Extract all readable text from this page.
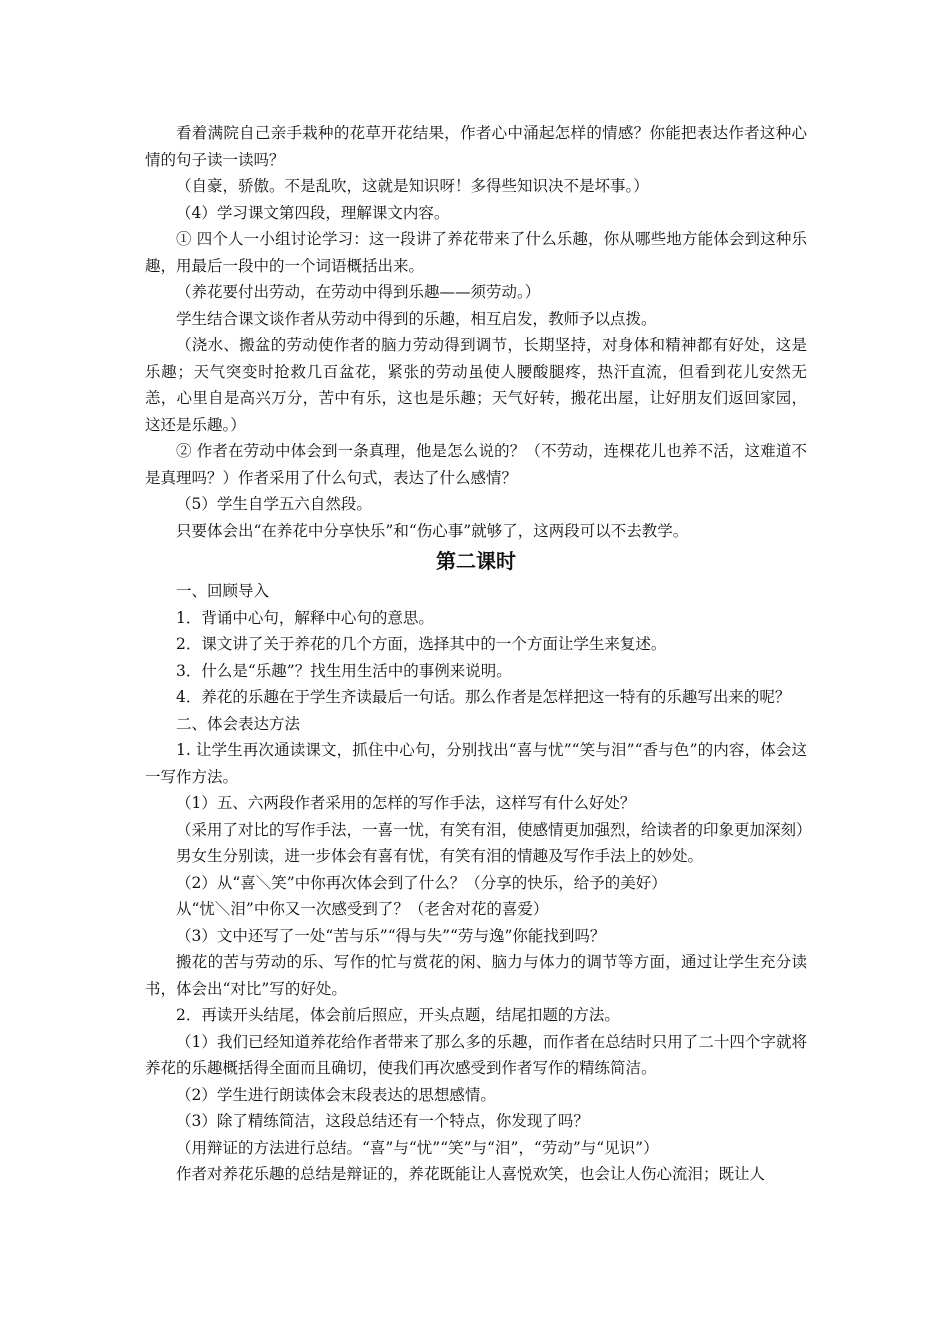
看着满院自己亲手栽种的花草开花结果，作者心中涌起怎样的情感？你能把表达作者这种心情的句子读一读吗？

（自豪，骄傲。不是乱吹，这就是知识呀！多得些知识决不是坏事。）

（4）学习课文第四段，理解课文内容。

① 四个人一小组讨论学习：这一段讲了养花带来了什么乐趣，你从哪些地方能体会到这种乐趣，用最后一段中的一个词语概括出来。

（养花要付出劳动，在劳动中得到乐趣——须劳动。）

学生结合课文谈作者从劳动中得到的乐趣，相互启发，教师予以点拨。

（浇水、搬盆的劳动使作者的脑力劳动得到调节，长期坚持，对身体和精神都有好处，这是乐趣；天气突变时抢救几百盆花，紧张的劳动虽使人腰酸腿疼，热汗直流，但看到花儿安然无恙，心里自是高兴万分，苦中有乐，这也是乐趣；天气好转，搬花出屋，让好朋友们返回家园，这还是乐趣。）

② 作者在劳动中体会到一条真理，他是怎么说的？（不劳动，连棵花儿也养不活，这难道不是真理吗？）作者采用了什么句式，表达了什么感情？

（5）学生自学五六自然段。

只要体会出“在养花中分享快乐”和“伤心事”就够了，这两段可以不去教学。

第二课时

一、回顾导入

1．背诵中心句，解释中心句的意思。

2．课文讲了关于养花的几个方面，选择其中的一个方面让学生来复述。

3．什么是“乐趣”？找生用生活中的事例来说明。

4．养花的乐趣在于学生齐读最后一句话。那么作者是怎样把这一特有的乐趣写出来的呢？

二、体会表达方法

1. 让学生再次通读课文，抓住中心句，分别找出“喜与忧”“笑与泪”“香与色”的内容，体会这一写作方法。

（1）五、六两段作者采用的怎样的写作手法，这样写有什么好处？

（采用了对比的写作手法，一喜一忧，有笑有泪，使感情更加强烈，给读者的印象更加深刻）

男女生分别读，进一步体会有喜有忧，有笑有泪的情趣及写作手法上的妙处。

（2）从“喜＼笑”中你再次体会到了什么？（分享的快乐，给予的美好）

从“忧＼泪”中你又一次感受到了？（老舍对花的喜爱）

（3）文中还写了一处“苦与乐”“得与失”“劳与逸”你能找到吗？

搬花的苦与劳动的乐、写作的忙与赏花的闲、脑力与体力的调节等方面，通过让学生充分读书，体会出“对比”写的好处。

2．再读开头结尾，体会前后照应，开头点题，结尾扣题的方法。

（1）我们已经知道养花给作者带来了那么多的乐趣，而作者在总结时只用了二十四个字就将养花的乐趣概括得全面而且确切，使我们再次感受到作者写作的精练简洁。

（2）学生进行朗读体会末段表达的思想感情。

（3）除了精练简洁，这段总结还有一个特点，你发现了吗？

（用辩证的方法进行总结。“喜”与“忧”“笑”与“泪”，“劳动”与“见识”）

作者对养花乐趣的总结是辩证的，养花既能让人喜悦欢笑，也会让人伤心流泪；既让人
